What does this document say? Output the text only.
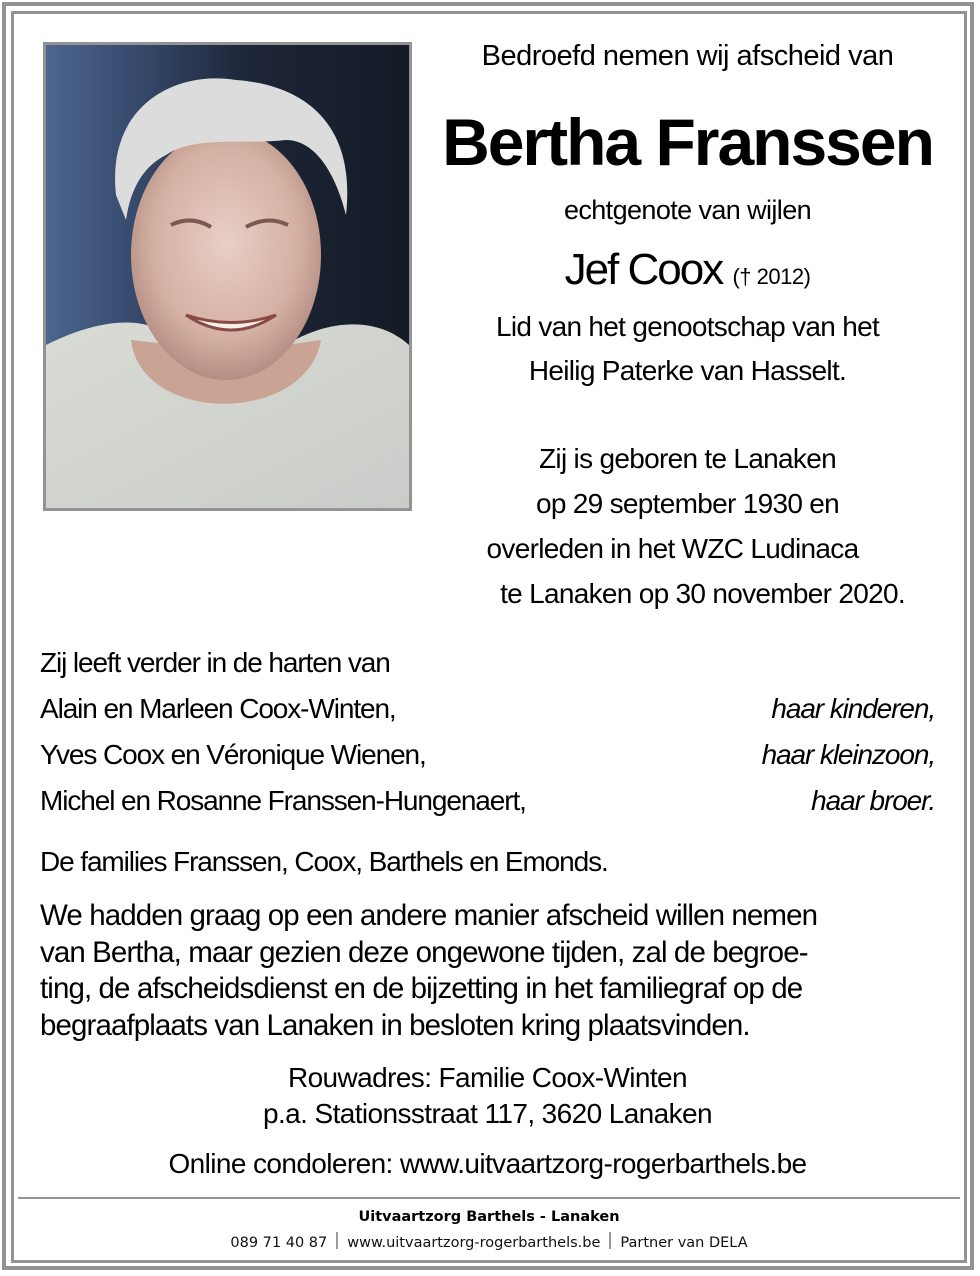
Bedroefd nemen wij afscheid van
Bertha Franssen
echtgenote van wijlen
Jef Coox († 2012)
Lid van het genootschap van het
Heilig Paterke van Hasselt.
Zij is geboren te Lanaken
op 29 september 1930 en
overleden in het WZC Ludinaca
te Lanaken op 30 november 2020.
Zij leeft verder in de harten van
Alain en Marleen Coox-Winten,	haar kinderen,
Yves Coox en Véronique Wienen,	haar kleinzoon,
Michel en Rosanne Franssen-Hungenaert,	haar broer.
De families Franssen, Coox, Barthels en Emonds.
We hadden graag op een andere manier afscheid willen nemen
van Bertha, maar gezien deze ongewone tijden, zal de begroe-
ting, de afscheidsdienst en de bijzetting in het familiegraf op de
begraafplaats van Lanaken in besloten kring plaatsvinden.
Rouwadres: Familie Coox-Winten
p.a. Stationsstraat 117, 3620 Lanaken
Online condoleren: www.uitvaartzorg-rogerbarthels.be
Uitvaartzorg Barthels - Lanaken
089 71 40 87 www.uitvaartzorg-rogerbarthels.be Partner van DELA
